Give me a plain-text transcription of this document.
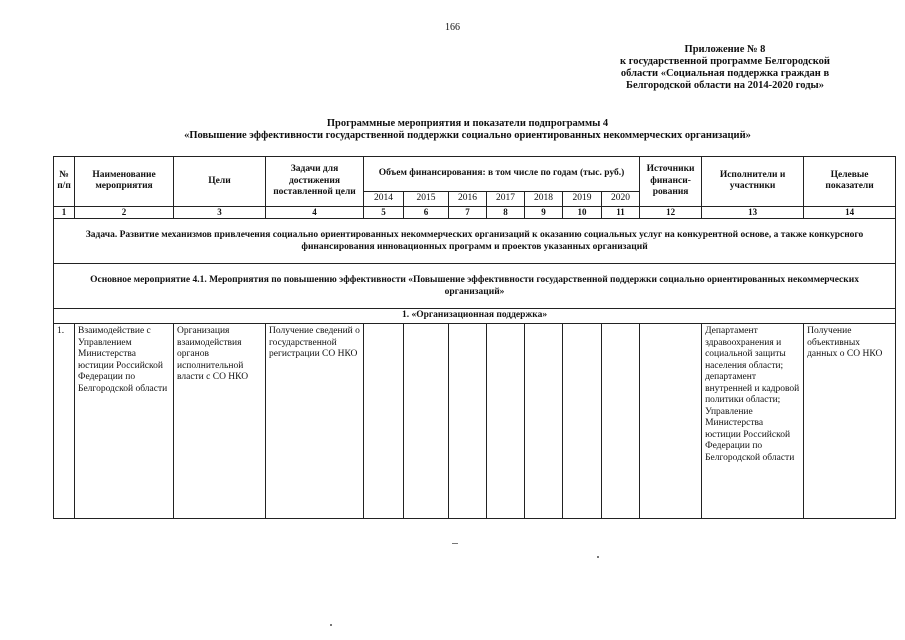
166
Приложение № 8
к государственной программе Белгородской
области «Социальная поддержка граждан в
Белгородской области на 2014-2020 годы»
Программные мероприятия и показатели подпрограммы 4
«Повышение эффективности государственной поддержки социально ориентированных некоммерческих организаций»
№ п/п	Наименование мероприятия	Цели	Задачи для достижения поставленной цели	Объем финансирования: в том числе по годам (тыс. руб.)							Источники финанси-рования	Исполнители и участники	Целевые показатели
				2014	2015	2016	2017	2018	2019	2020			
1	2	3	4	5	6	7	8	9	10	11	12	13	14
Задача. Развитие механизмов привлечения социально ориентированных некоммерческих организаций к оказанию социальных услуг на конкурентной основе, а также конкурсного финансирования инновационных программ и проектов указанных организаций													
Основное мероприятие 4.1. Мероприятия по повышению эффективности «Повышение эффективности государственной поддержки социально ориентированных некоммерческих организаций»													
1. «Организационная поддержка»													
1.	Взаимодействие с Управлением Министерства юстиции Российской Федерации по Белгородской области	Организация взаимодействия органов исполнительной власти с СО НКО	Получение сведений о государственной регистрации СО НКО									Департамент здравоохранения и социальной защиты населения области; департамент внутренней и кадровой политики области; Управление Министерства юстиции Российской Федерации по Белгородской области	Получение объективных данных о СО НКО
